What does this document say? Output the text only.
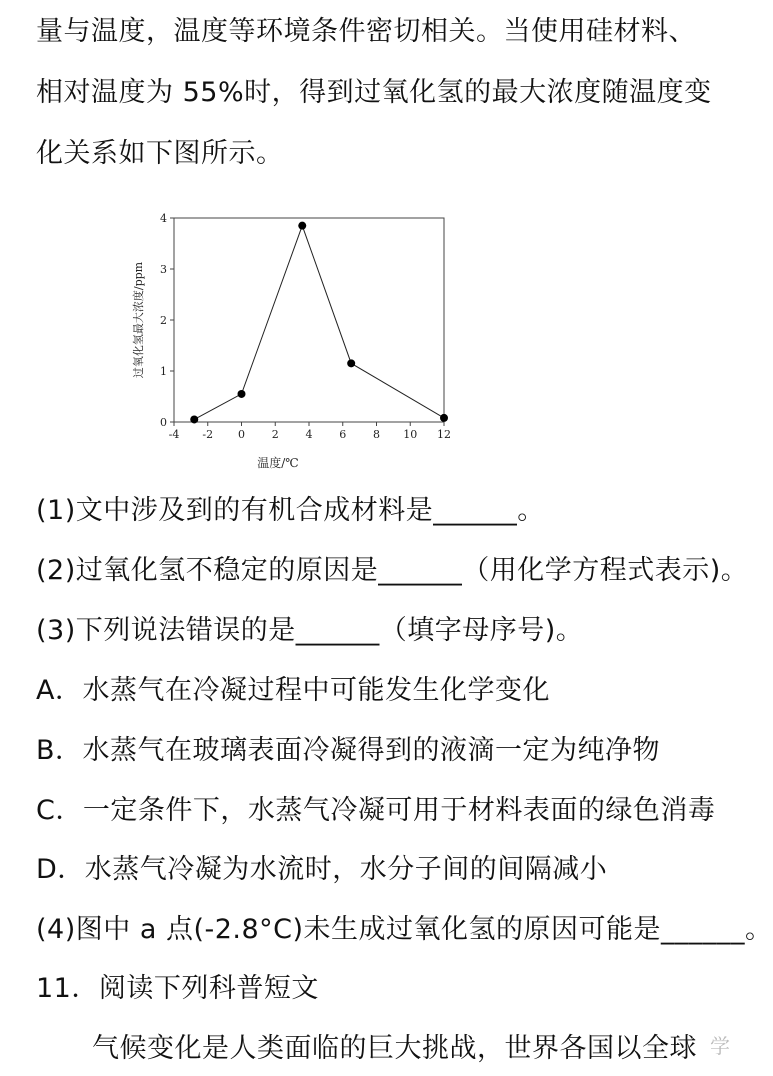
量与温度，温度等环境条件密切相关。当使用硅材料、
相对温度为 55%时，得到过氧化氢的最大浓度随温度变
化关系如下图所示。
-4 -2 0 2 4 6 8 10 12
0
1
2
3
4
温度/℃
过氧化氢最大浓度/ppm
(1)文中涉及到的有机合成材料是______。
(2)过氧化氢不稳定的原因是______（用化学方程式表示)。
(3)下列说法错误的是______（填字母序号)。
A．水蒸气在冷凝过程中可能发生化学变化
B．水蒸气在玻璃表面冷凝得到的液滴一定为纯净物
C．一定条件下，水蒸气冷凝可用于材料表面的绿色消毒
D．水蒸气冷凝为水流时，水分子间的间隔减小
(4)图中 a 点(-2.8°C)未生成过氧化氢的原因可能是______。
11．阅读下列科普短文
气候变化是人类面临的巨大挑战，世界各国以全球 学
